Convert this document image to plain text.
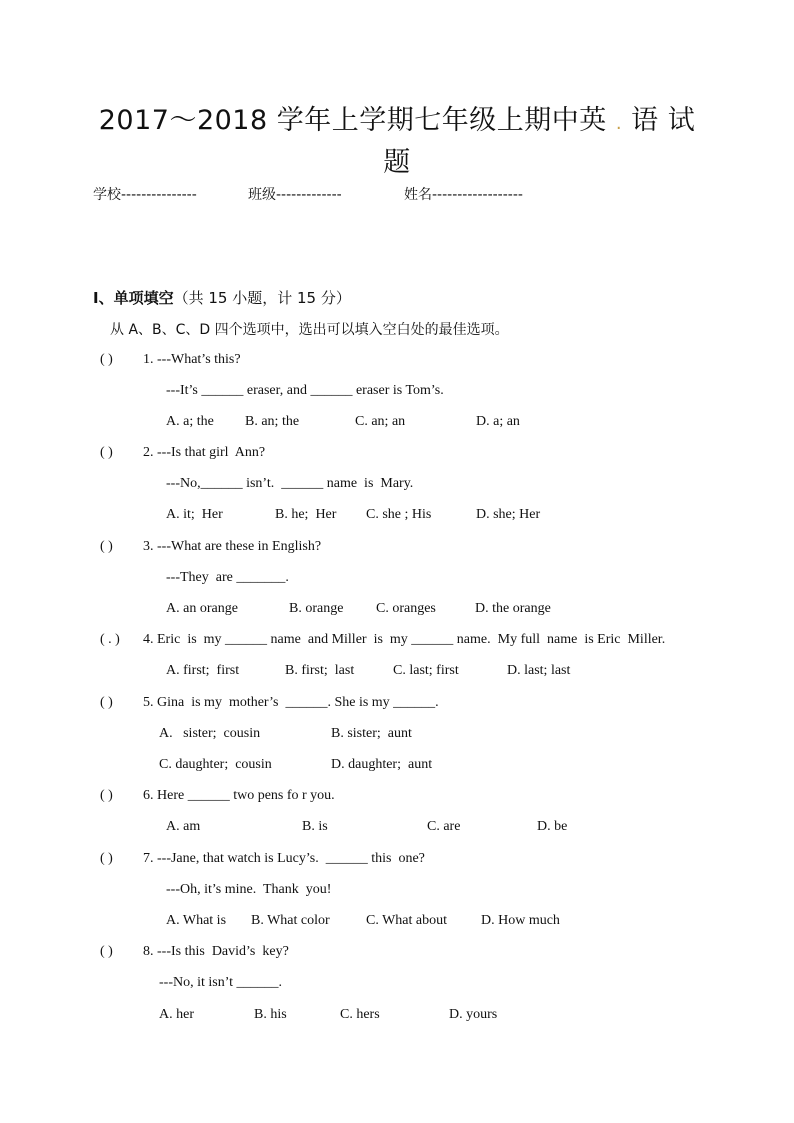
2017～2018 学年上学期七年级上期中英 . 语 试
题
学校---------------	班级-------------	姓名------------------
I、单项填空（共 15 小题，计 15 分）
从 A、B、C、D 四个选项中，选出可以填入空白处的最佳选项。
( ) 1. ---What’s this?
---It’s ______ eraser, and ______ eraser is Tom’s.
A. a; the B. an; the	C. an; an	D. a; an
( ) 2. ---Is that girl  Ann?
---No,______ isn’t.  ______ name  is  Mary.
A. it;  Her	B. he;  Her C. she ; His	D. she; Her
( ) 3. ---What are these in English?
---They  are _______.
A. an orange	B. orange C. oranges	D. the orange
( . ) 4. Eric  is  my ______ name  and Miller  is  my ______ name.  My full  name  is Eric  Miller.
A. first;  first	B. first;  last	C. last; first	D. last; last
( ) 5. Gina  is my  mother’s  ______. She is my ______.
A.   sister;  cousin	B. sister;  aunt
C. daughter;  cousin	D. daughter;  aunt
( ) 6. Here ______ two pens fo r you.
A. am	B. is	C. are	D. be
( ) 7. ---Jane, that watch is Lucy’s.  ______ this  one?
---Oh, it’s mine.  Thank  you!
A. What is B. What color	C. What about D. How much
( ) 8. ---Is this  David’s  key?
---No, it isn’t ______.
A. her	B. his	C. hers	D. yours
